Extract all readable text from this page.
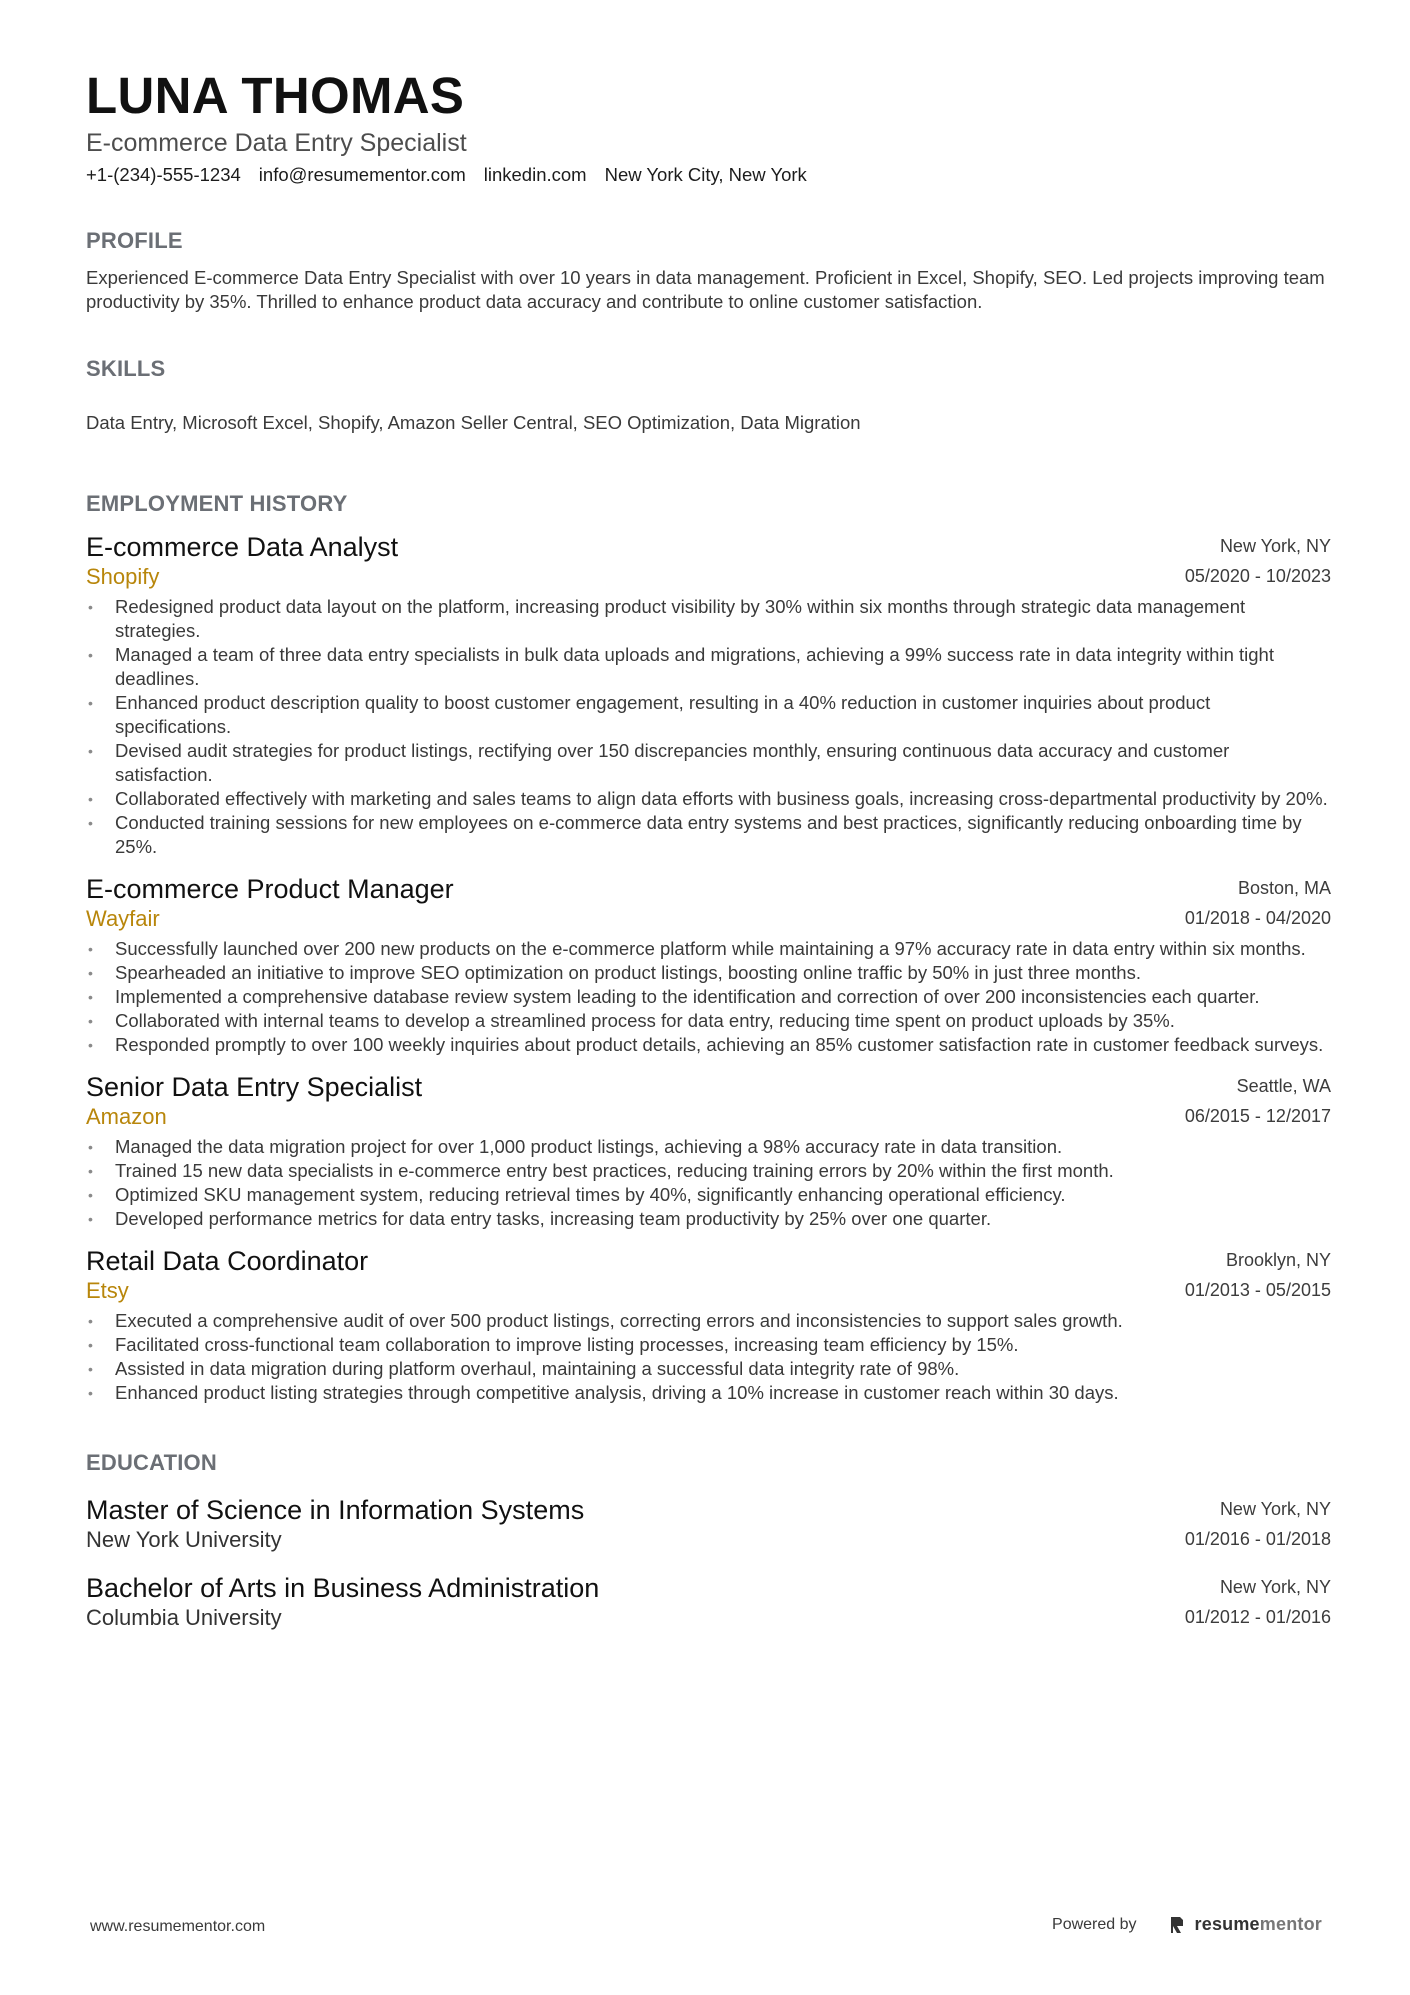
LUNA THOMAS
E-commerce Data Entry Specialist
+1-(234)-555-1234 info@resumementor.com linkedin.com New York City, New York
PROFILE
Experienced E-commerce Data Entry Specialist with over 10 years in data management. Proficient in Excel, Shopify, SEO. Led projects improving team productivity by 35%. Thrilled to enhance product data accuracy and contribute to online customer satisfaction.
SKILLS
Data Entry, Microsoft Excel, Shopify, Amazon Seller Central, SEO Optimization, Data Migration
EMPLOYMENT HISTORY
E-commerce Data Analyst
Shopify
New York, NY
05/2020 - 10/2023
• Redesigned product data layout on the platform, increasing product visibility by 30% within six months through strategic data management strategies.
• Managed a team of three data entry specialists in bulk data uploads and migrations, achieving a 99% success rate in data integrity within tight deadlines.
• Enhanced product description quality to boost customer engagement, resulting in a 40% reduction in customer inquiries about product specifications.
• Devised audit strategies for product listings, rectifying over 150 discrepancies monthly, ensuring continuous data accuracy and customer satisfaction.
• Collaborated effectively with marketing and sales teams to align data efforts with business goals, increasing cross-departmental productivity by 20%.
• Conducted training sessions for new employees on e-commerce data entry systems and best practices, significantly reducing onboarding time by 25%.
E-commerce Product Manager
Wayfair
Boston, MA
01/2018 - 04/2020
• Successfully launched over 200 new products on the e-commerce platform while maintaining a 97% accuracy rate in data entry within six months.
• Spearheaded an initiative to improve SEO optimization on product listings, boosting online traffic by 50% in just three months.
• Implemented a comprehensive database review system leading to the identification and correction of over 200 inconsistencies each quarter.
• Collaborated with internal teams to develop a streamlined process for data entry, reducing time spent on product uploads by 35%.
• Responded promptly to over 100 weekly inquiries about product details, achieving an 85% customer satisfaction rate in customer feedback surveys.
Senior Data Entry Specialist
Amazon
Seattle, WA
06/2015 - 12/2017
• Managed the data migration project for over 1,000 product listings, achieving a 98% accuracy rate in data transition.
• Trained 15 new data specialists in e-commerce entry best practices, reducing training errors by 20% within the first month.
• Optimized SKU management system, reducing retrieval times by 40%, significantly enhancing operational efficiency.
• Developed performance metrics for data entry tasks, increasing team productivity by 25% over one quarter.
Retail Data Coordinator
Etsy
Brooklyn, NY
01/2013 - 05/2015
• Executed a comprehensive audit of over 500 product listings, correcting errors and inconsistencies to support sales growth.
• Facilitated cross-functional team collaboration to improve listing processes, increasing team efficiency by 15%.
• Assisted in data migration during platform overhaul, maintaining a successful data integrity rate of 98%.
• Enhanced product listing strategies through competitive analysis, driving a 10% increase in customer reach within 30 days.
EDUCATION
Master of Science in Information Systems
New York University
New York, NY
01/2016 - 01/2018
Bachelor of Arts in Business Administration
Columbia University
New York, NY
01/2012 - 01/2016
www.resumementor.com	Powered by	resumementor
